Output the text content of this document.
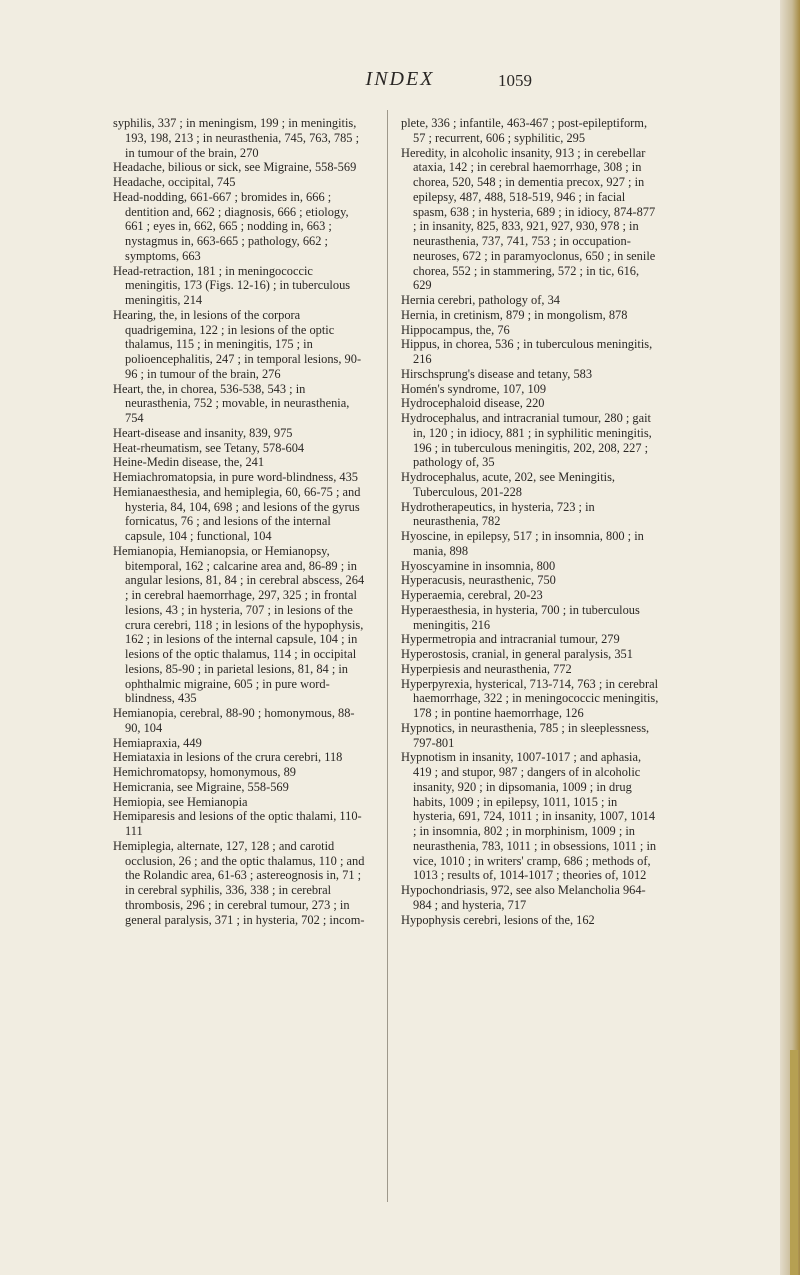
INDEX	1059
syphilis, 337 ; in meningism, 199 ; in meningitis, 193, 198, 213 ; in neurasthenia, 745, 763, 785 ; in tumour of the brain, 270
Headache, bilious or sick, see Migraine, 558-569
Headache, occipital, 745
Head-nodding, 661-667 ; bromides in, 666 ; dentition and, 662 ; diagnosis, 666 ; etiology, 661 ; eyes in, 662, 665 ; nodding in, 663 ; nystagmus in, 663-665 ; pathology, 662 ; symptoms, 663
Head-retraction, 181 ; in meningococcic meningitis, 173 (Figs. 12-16) ; in tuberculous meningitis, 214
Hearing, the, in lesions of the corpora quadrigemina, 122 ; in lesions of the optic thalamus, 115 ; in meningitis, 175 ; in polioencephalitis, 247 ; in temporal lesions, 90-96 ; in tumour of the brain, 276
Heart, the, in chorea, 536-538, 543 ; in neurasthenia, 752 ; movable, in neurasthenia, 754
Heart-disease and insanity, 839, 975
Heat-rheumatism, see Tetany, 578-604
Heine-Medin disease, the, 241
Hemiachromatopsia, in pure word-blindness, 435
Hemianaesthesia, and hemiplegia, 60, 66-75 ; and hysteria, 84, 104, 698 ; and lesions of the gyrus fornicatus, 76 ; and lesions of the internal capsule, 104 ; functional, 104
Hemianopia, Hemianopsia, or Hemianopsy, bitemporal, 162 ; calcarine area and, 86-89 ; in angular lesions, 81, 84 ; in cerebral abscess, 264 ; in cerebral haemorrhage, 297, 325 ; in frontal lesions, 43 ; in hysteria, 707 ; in lesions of the crura cerebri, 118 ; in lesions of the hypophysis, 162 ; in lesions of the internal capsule, 104 ; in lesions of the optic thalamus, 114 ; in occipital lesions, 85-90 ; in parietal lesions, 81, 84 ; in ophthalmic migraine, 605 ; in pure word-blindness, 435
Hemianopia, cerebral, 88-90 ; homonymous, 88-90, 104
Hemiapraxia, 449
Hemiataxia in lesions of the crura cerebri, 118
Hemichromatopsy, homonymous, 89
Hemicrania, see Migraine, 558-569
Hemiopia, see Hemianopia
Hemiparesis and lesions of the optic thalami, 110-111
Hemiplegia, alternate, 127, 128 ; and carotid occlusion, 26 ; and the optic thalamus, 110 ; and the Rolandic area, 61-63 ; astereognosis in, 71 ; in cerebral syphilis, 336, 338 ; in cerebral thrombosis, 296 ; in cerebral tumour, 273 ; in general paralysis, 371 ; in hysteria, 702 ; incom-
plete, 336 ; infantile, 463-467 ; post-epileptiform, 57 ; recurrent, 606 ; syphilitic, 295
Heredity, in alcoholic insanity, 913 ; in cerebellar ataxia, 142 ; in cerebral haemorrhage, 308 ; in chorea, 520, 548 ; in dementia precox, 927 ; in epilepsy, 487, 488, 518-519, 946 ; in facial spasm, 638 ; in hysteria, 689 ; in idiocy, 874-877 ; in insanity, 825, 833, 921, 927, 930, 978 ; in neurasthenia, 737, 741, 753 ; in occupation-neuroses, 672 ; in paramyoclonus, 650 ; in senile chorea, 552 ; in stammering, 572 ; in tic, 616, 629
Hernia cerebri, pathology of, 34
Hernia, in cretinism, 879 ; in mongolism, 878
Hippocampus, the, 76
Hippus, in chorea, 536 ; in tuberculous meningitis, 216
Hirschsprung's disease and tetany, 583
Homén's syndrome, 107, 109
Hydrocephaloid disease, 220
Hydrocephalus, and intracranial tumour, 280 ; gait in, 120 ; in idiocy, 881 ; in syphilitic meningitis, 196 ; in tuberculous meningitis, 202, 208, 227 ; pathology of, 35
Hydrocephalus, acute, 202, see Meningitis, Tuberculous, 201-228
Hydrotherapeutics, in hysteria, 723 ; in neurasthenia, 782
Hyoscine, in epilepsy, 517 ; in insomnia, 800 ; in mania, 898
Hyoscyamine in insomnia, 800
Hyperacusis, neurasthenic, 750
Hyperaemia, cerebral, 20-23
Hyperaesthesia, in hysteria, 700 ; in tuberculous meningitis, 216
Hypermetropia and intracranial tumour, 279
Hyperostosis, cranial, in general paralysis, 351
Hyperpiesis and neurasthenia, 772
Hyperpyrexia, hysterical, 713-714, 763 ; in cerebral haemorrhage, 322 ; in meningococcic meningitis, 178 ; in pontine haemorrhage, 126
Hypnotics, in neurasthenia, 785 ; in sleeplessness, 797-801
Hypnotism in insanity, 1007-1017 ; and aphasia, 419 ; and stupor, 987 ; dangers of in alcoholic insanity, 920 ; in dipsomania, 1009 ; in drug habits, 1009 ; in epilepsy, 1011, 1015 ; in hysteria, 691, 724, 1011 ; in insanity, 1007, 1014 ; in insomnia, 802 ; in morphinism, 1009 ; in neurasthenia, 783, 1011 ; in obsessions, 1011 ; in vice, 1010 ; in writers' cramp, 686 ; methods of, 1013 ; results of, 1014-1017 ; theories of, 1012
Hypochondriasis, 972, see also Melancholia 964-984 ; and hysteria, 717
Hypophysis cerebri, lesions of the, 162
